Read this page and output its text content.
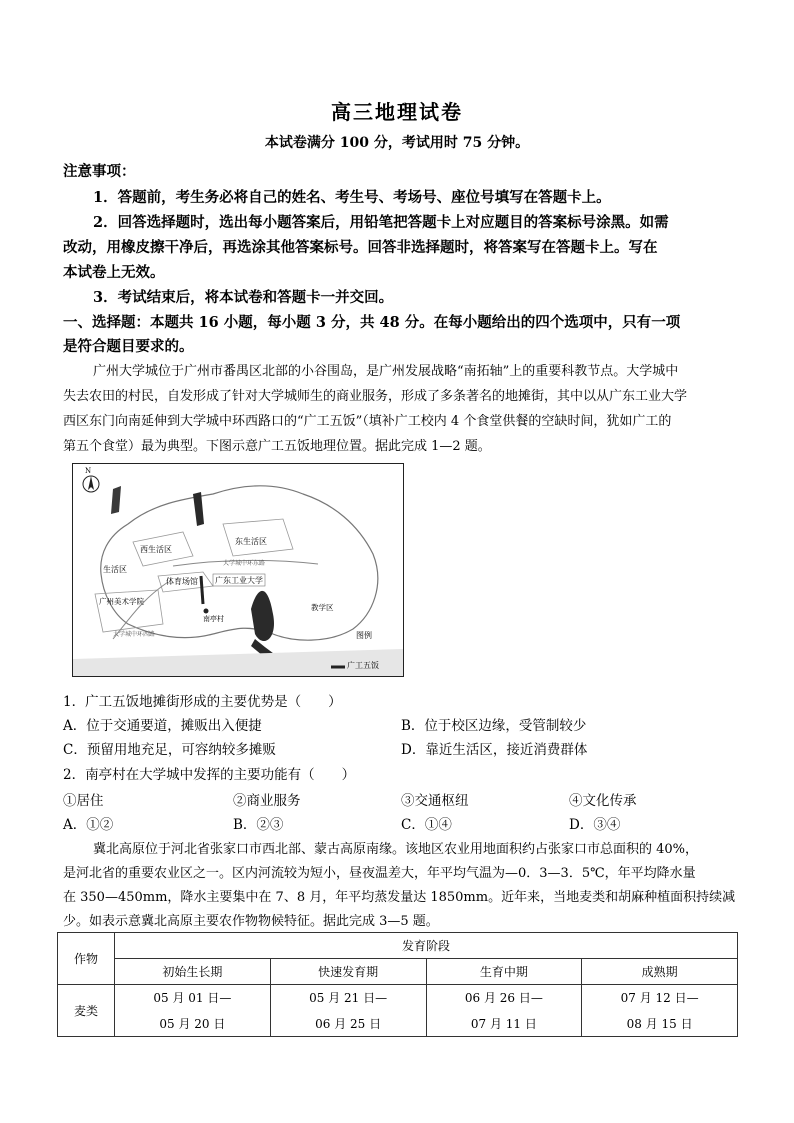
高三地理试卷
本试卷满分 100 分，考试用时 75 分钟。
注意事项：
1．答题前，考生务必将自己的姓名、考生号、考场号、座位号填写在答题卡上。
2．回答选择题时，选出每小题答案后，用铅笔把答题卡上对应题目的答案标号涂黑。如需
改动，用橡皮擦干净后，再选涂其他答案标号。回答非选择题时，将答案写在答题卡上。写在
本试卷上无效。
3．考试结束后，将本试卷和答题卡一并交回。
一、选择题：本题共 16 小题，每小题 3 分，共 48 分。在每小题给出的四个选项中，只有一项
是符合题目要求的。
广州大学城位于广州市番禺区北部的小谷围岛，是广州发展战略“南拓轴”上的重要科教节点。大学城中
失去农田的村民，自发形成了针对大学城师生的商业服务，形成了多条著名的地摊街，其中以从广东工业大学
西区东门向南延伸到大学城中环西路口的“广工五饭”（填补广工校内 4 个食堂供餐的空缺时间，犹如广工的
第五个食堂）最为典型。下图示意广工五饭地理位置。据此完成 1—2 题。
N
西生活区
东生活区
生活区
体育场馆 广东工业大学
广州美术学院
教学区
南亭村
大学城中环东路
大学城中环西路	图例
广工五饭
1．广工五饭地摊街形成的主要优势是（　　）
A．位于交通要道，摊贩出入便捷	B．位于校区边缘，受管制较少
C．预留用地充足，可容纳较多摊贩	D．靠近生活区，接近消费群体
2．南亭村在大学城中发挥的主要功能有（　　）
①居住	②商业服务	③交通枢纽	④文化传承
A．①②	B．②③	C．①④	D．③④
冀北高原位于河北省张家口市西北部、蒙古高原南缘。该地区农业用地面积约占张家口市总面积的 40%，
是河北省的重要农业区之一。区内河流较为短小，昼夜温差大，年平均气温为—0．3—3．5℃，年平均降水量
在 350—450mm，降水主要集中在 7、8 月，年平均蒸发量达 1850mm。近年来，当地麦类和胡麻种植面积持续减
少。如表示意冀北高原主要农作物物候特征。据此完成 3—5 题。
作物	发育阶段			
	初始生长期	快速发育期	生育中期	成熟期
麦类	05 月 01 日—	05 月 21 日—	06 月 26 日—	07 月 12 日—
	05 月 20 日	06 月 25 日	07 月 11 日	08 月 15 日
